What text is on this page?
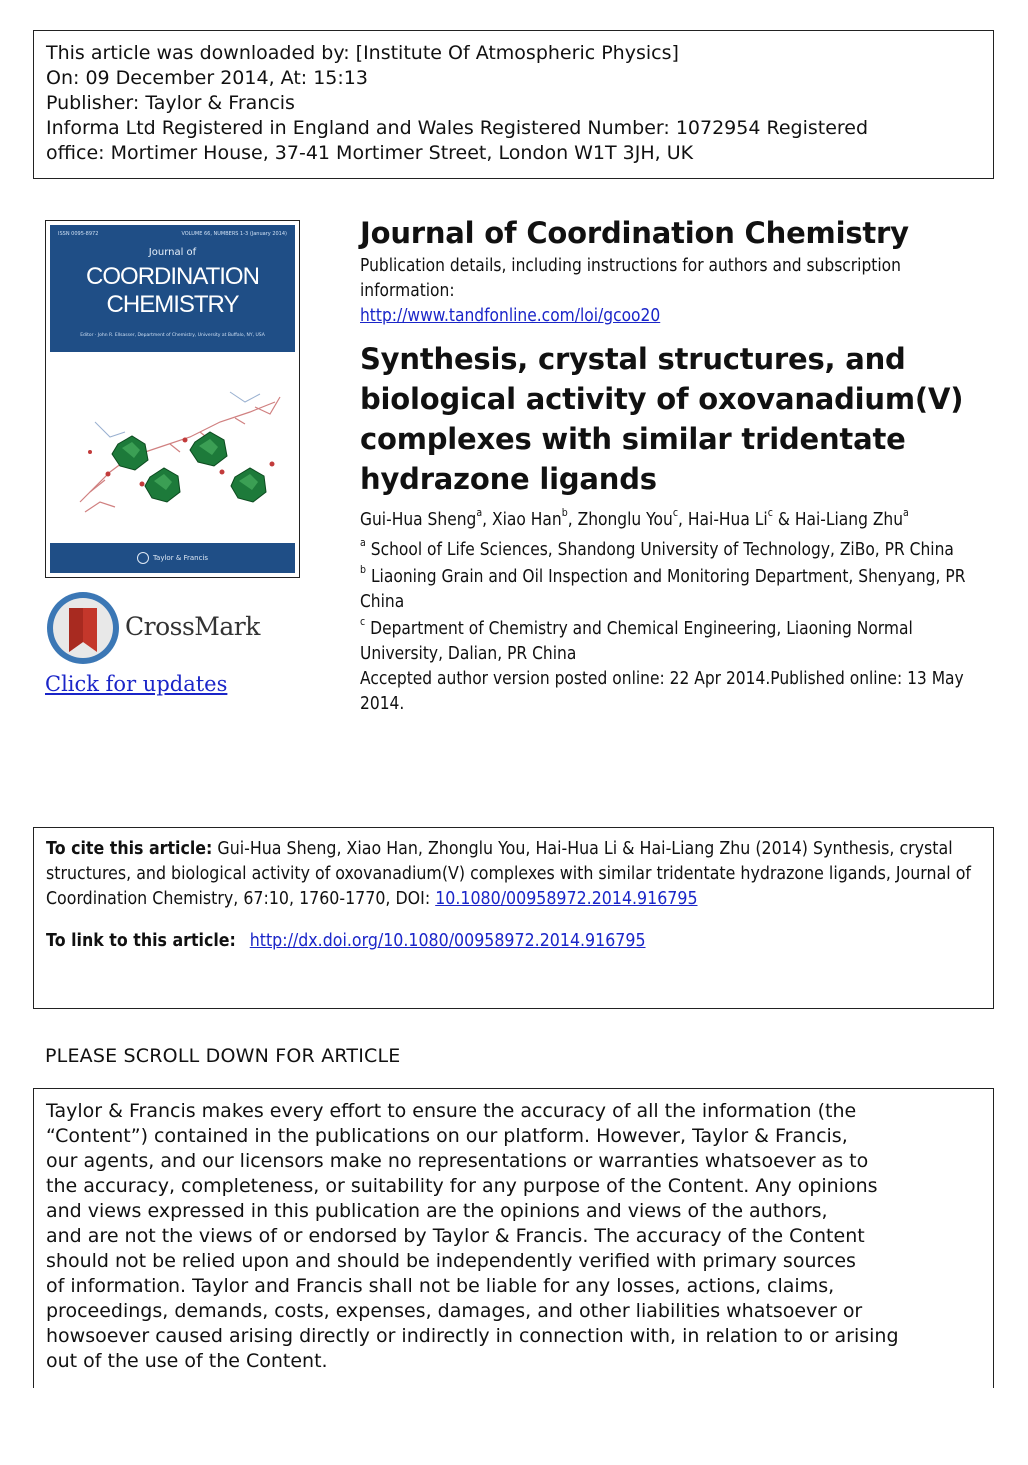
This article was downloaded by: [Institute Of Atmospheric Physics]
On: 09 December 2014, At: 15:13
Publisher: Taylor & Francis
Informa Ltd Registered in England and Wales Registered Number: 1072954 Registered
office: Mortimer House, 37-41 Mortimer Street, London W1T 3JH, UK
ISSN 0095-8972	VOLUME 66, NUMBERS 1-3 (January 2014)
Journal of
COORDINATION
CHEMISTRY
Editor · John R. Ellsasser, Department of Chemistry, University at Buffalo, NY, USA
Taylor & Francis
CrossMark
Click for updates
Journal of Coordination Chemistry
Publication details, including instructions for authors and subscription information:
http://www.tandfonline.com/loi/gcoo20
Synthesis, crystal structures, and biological activity of oxovanadium(V) complexes with similar tridentate hydrazone ligands
Gui-Hua Sheng$^a$, Xiao Han$^b$, Zhonglu You$^c$, Hai-Hua Li$^c$ & Hai-Liang Zhu$^a$
$^a$ School of Life Sciences, Shandong University of Technology, ZiBo, PR China
$^b$ Liaoning Grain and Oil Inspection and Monitoring Department, Shenyang, PR China
$^c$ Department of Chemistry and Chemical Engineering, Liaoning Normal University, Dalian, PR China
Accepted author version posted online: 22 Apr 2014.Published online: 13 May 2014.
To cite this article: Gui-Hua Sheng, Xiao Han, Zhonglu You, Hai-Hua Li & Hai-Liang Zhu (2014) Synthesis, crystal structures, and biological activity of oxovanadium(V) complexes with similar tridentate hydrazone ligands, Journal of Coordination Chemistry, 67:10, 1760-1770, DOI: 10.1080/00958972.2014.916795
To link to this article: http://dx.doi.org/10.1080/00958972.2014.916795
PLEASE SCROLL DOWN FOR ARTICLE
Taylor & Francis makes every effort to ensure the accuracy of all the information (the
“Content”) contained in the publications on our platform. However, Taylor & Francis,
our agents, and our licensors make no representations or warranties whatsoever as to
the accuracy, completeness, or suitability for any purpose of the Content. Any opinions
and views expressed in this publication are the opinions and views of the authors,
and are not the views of or endorsed by Taylor & Francis. The accuracy of the Content
should not be relied upon and should be independently verified with primary sources
of information. Taylor and Francis shall not be liable for any losses, actions, claims,
proceedings, demands, costs, expenses, damages, and other liabilities whatsoever or
howsoever caused arising directly or indirectly in connection with, in relation to or arising
out of the use of the Content.
